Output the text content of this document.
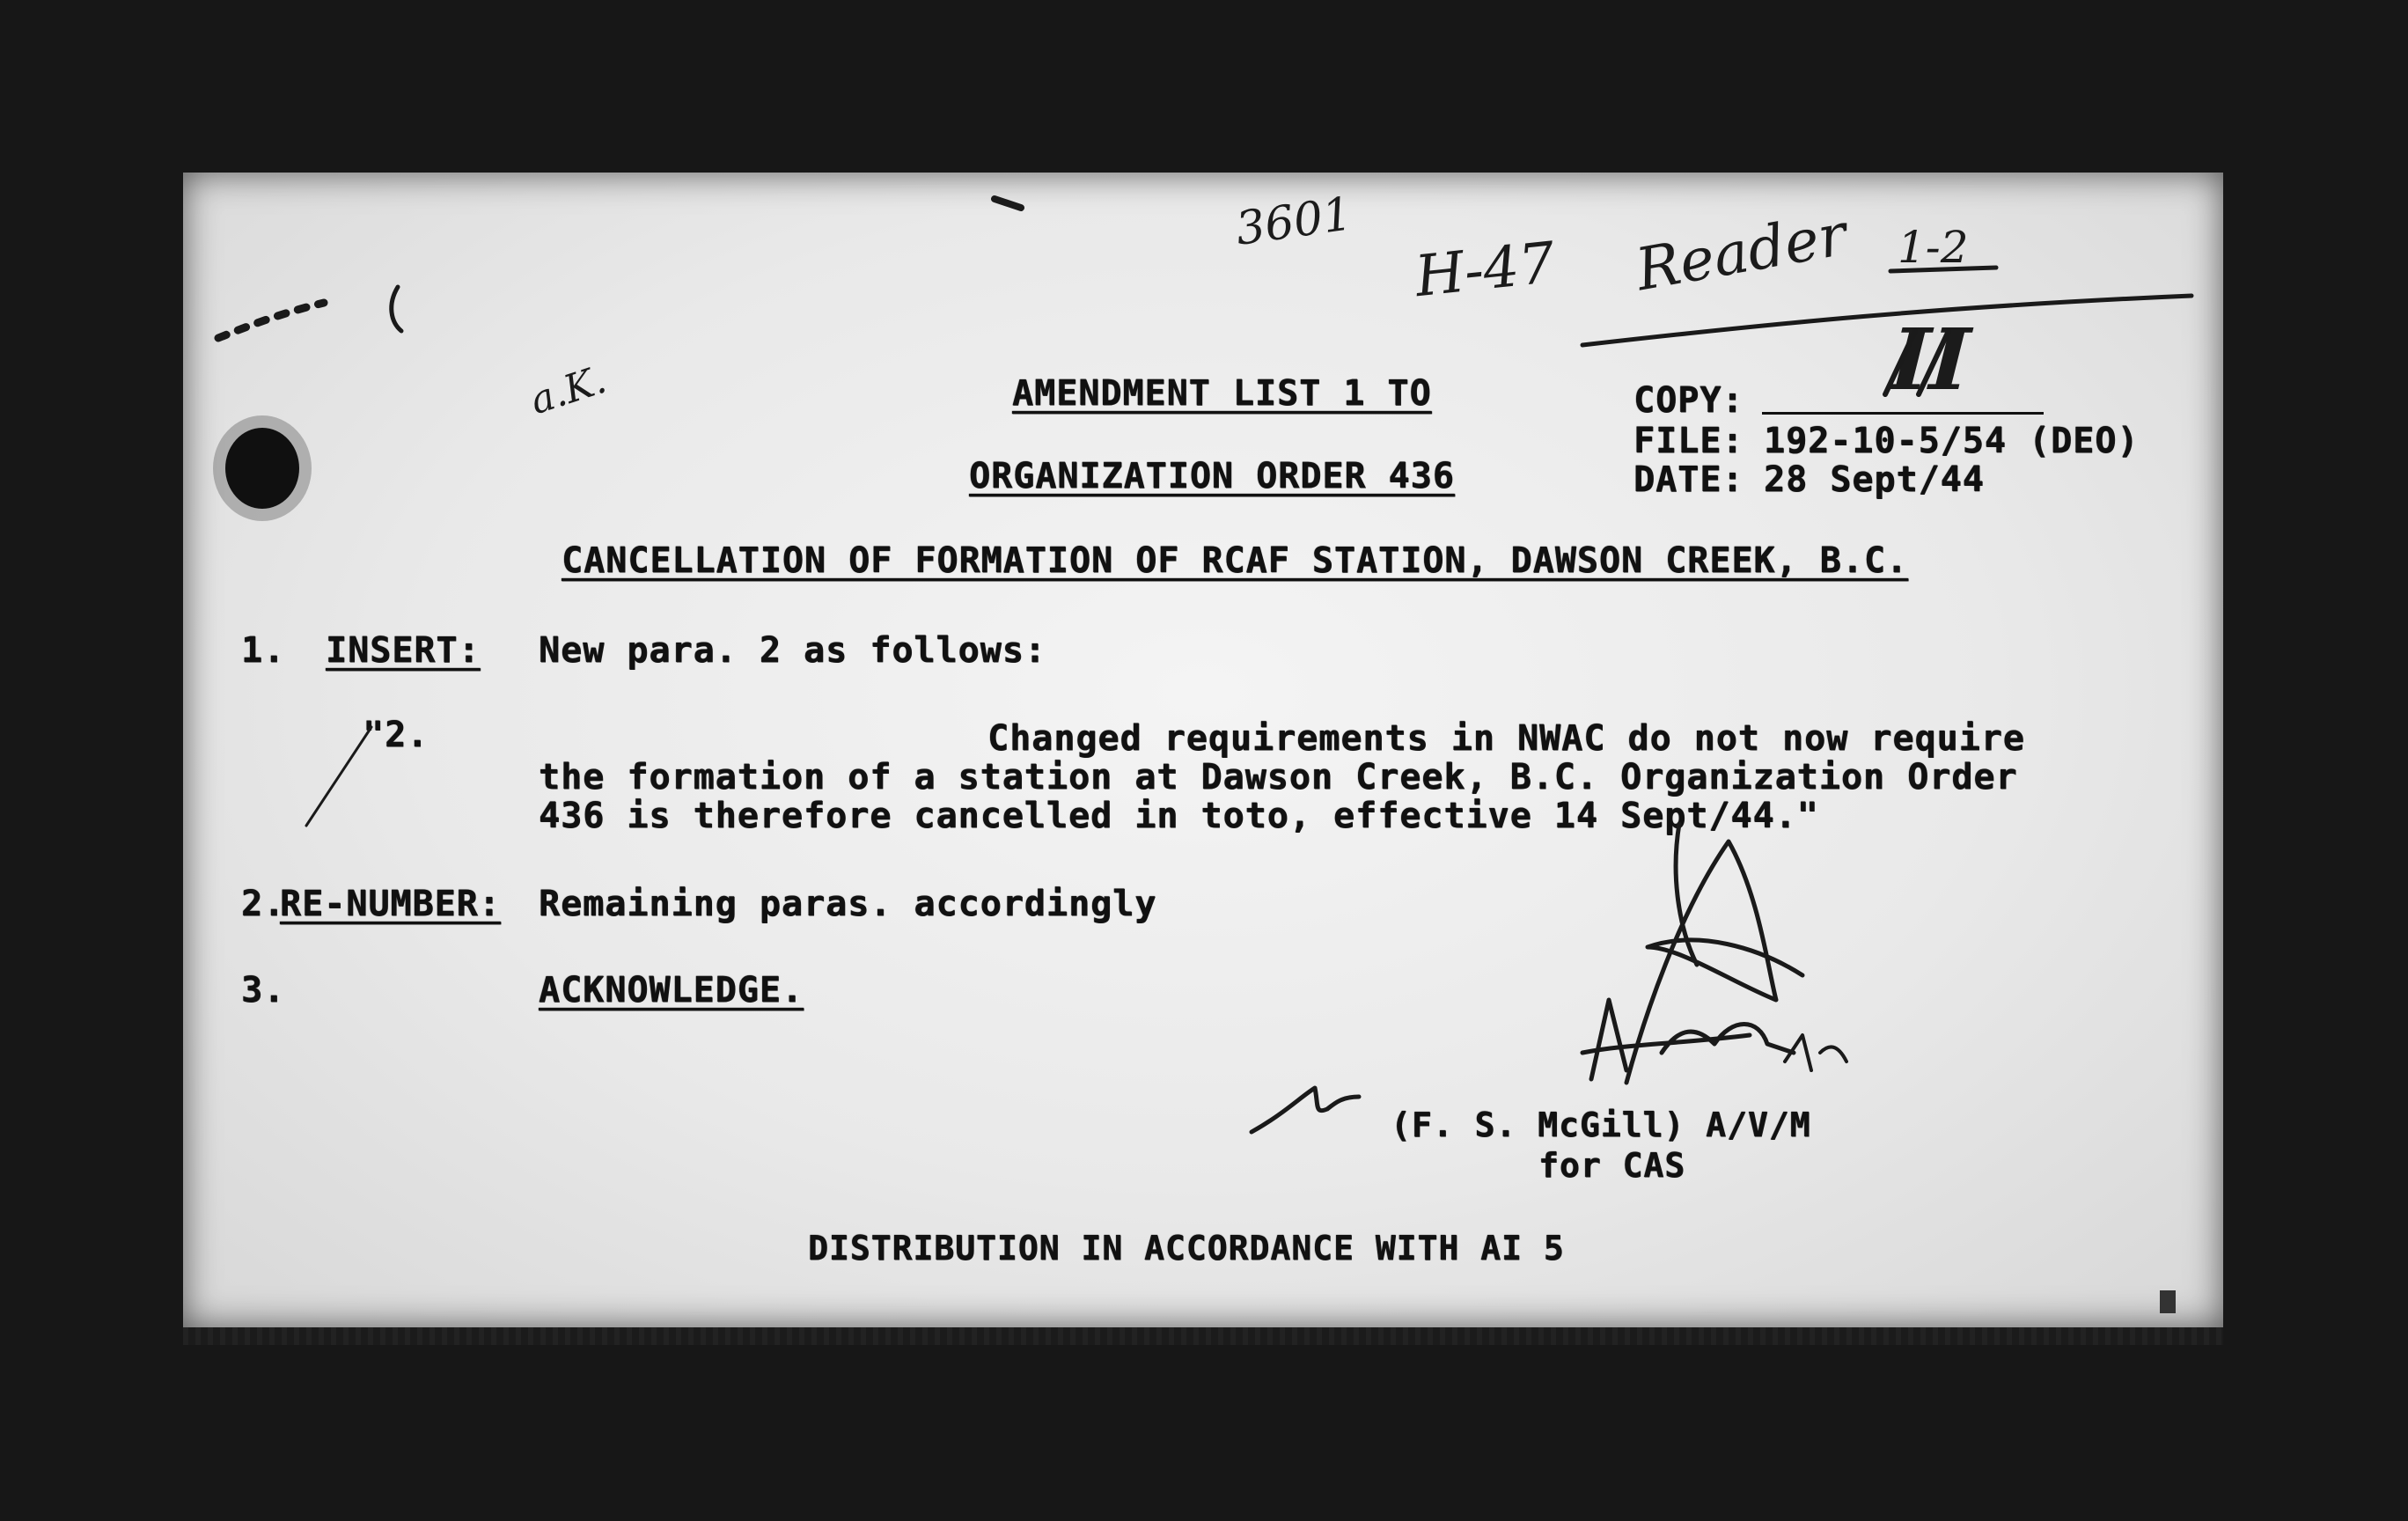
3601
H-47 Reader 1-2
II
a.K.	AMENDMENT LIST 1 TO
ORGANIZATION ORDER 436
COPY:
FILE: 192-10-5/54 (DEO)
DATE: 28 Sept/44
CANCELLATION OF FORMATION OF RCAF STATION, DAWSON CREEK, B.C.
1. INSERT: New para. 2 as follows:
"2.	Changed requirements in NWAC do not now require
the formation of a station at Dawson Creek, B.C. Organization Order
436 is therefore cancelled in toto, effective 14 Sept/44."
2.
RE-NUMBER: Remaining paras. accordingly
3.	ACKNOWLEDGE.
(F. S. McGill) A/V/M
for CAS
DISTRIBUTION IN ACCORDANCE WITH AI 5
